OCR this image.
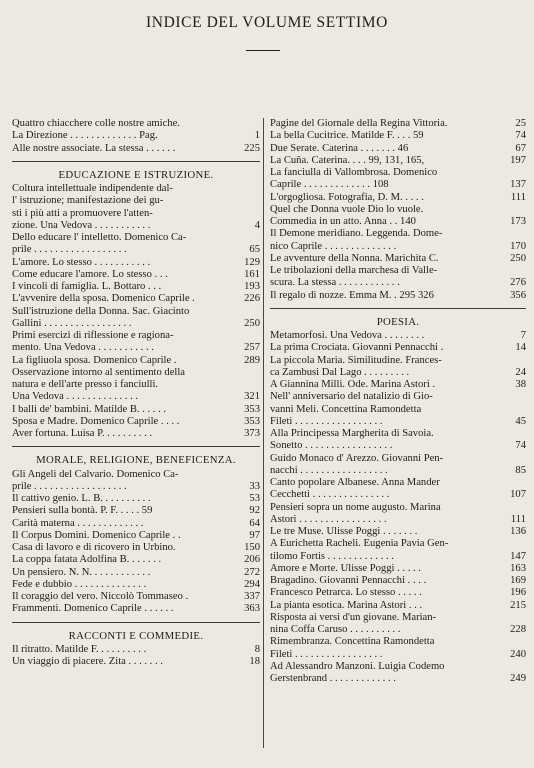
INDICE DEL VOLUME SETTIMO
Quattro chiacchere colle nostre amiche.
La Direzione . . . . . . . . . . . . . Pag.	1
Alle nostre associate. La stessa . . . . . .	225
EDUCAZIONE E ISTRUZIONE.
Coltura intellettuale indipendente dal-
l' istruzione; manifestazione dei gu-
sti i più atti a promuovere l'atten-
zione. Una Vedova . . . . . . . . . . .	4
Dello educare l' intelletto. Domenico Ca-
prile . . . . . . . . . . . . . . . . . .	65
L'amore. Lo stesso . . . . . . . . . . .	129
Come educare l'amore. Lo stesso . . .	161
I vincoli di famiglia. L. Bottaro . . .	193
L'avvenire della sposa. Domenico Caprile .	226
Sull'istruzione della Donna. Sac. Giacinto
Gallini . . . . . . . . . . . . . . . . .	250
Primi esercizi di riflessione e ragiona-
mento. Una Vedova . . . . . . . . . . .	257
La figliuola sposa. Domenico Caprile .	289
Osservazione intorno al sentimento della
natura e dell'arte presso i fanciulli.
Una Vedova . . . . . . . . . . . . . .	321
I balli de' bambini. Matilde B. . . . . .	353
Sposa e Madre. Domenico Caprile . . . .	353
Aver fortuna. Luisa P. . . . . . . . . .	373
MORALE, RELIGIONE, BENEFICENZA.
Gli Angeli del Calvario. Domenico Ca-
prile . . . . . . . . . . . . . . . . . .	33
Il cattivo genio. L. B. . . . . . . . . .	53
Pensieri sulla bontà. P. F. . . . . 59	92
Carità materna . . . . . . . . . . . . .	64
Il Corpus Domini. Domenico Caprile . .	97
Casa di lavoro e di ricovero in Urbino.	150
La coppa fatata Adolfina B. . . . . . .	206
Un pensiero. N. N. . . . . . . . . . . .	272
Fede e dubbio . . . . . . . . . . . . . .	294
Il coraggio del vero. Niccolò Tommaseo .	337
Frammenti. Domenico Caprile . . . . . .	363
RACCONTI E COMMEDIE.
Il ritratto. Matilde F. . . . . . . . . .	8
Un viaggio di piacere. Zita . . . . . . .	18
Pagine del Giornale della Regina Vittoria.	25
La bella Cucitrice. Matilde F. . . . 59	74
Due Serate. Caterina . . . . . . . 46	67
La Cuña. Caterina. . . . 99, 131, 165,	197
La fanciulla di Vallombrosa. Domenico
Caprile . . . . . . . . . . . . . 108	137
L'orgogliosa. Fotografia, D. M. . . . .	111
Quel che Donna vuole Dio lo vuole.
Commedia in un atto. Anna . . 140	173
Il Demone meridiano. Leggenda. Dome-
nico Caprile . . . . . . . . . . . . . .	170
Le avventure della Nonna. Marichita C.	250
Le tribolazioni della marchesa di Valle-
scura. La stessa . . . . . . . . . . . .	276
Il regalo di nozze. Emma M. . 295 326	356
POESIA.
Metamorfosi. Una Vedova . . . . . . . .	7
La prima Crociata. Giovanni Pennacchi .	14
La piccola Maria. Similitudine. Frances-
ca Zambusi Dal Lago . . . . . . . . .	24
A Giannina Milli. Ode. Marina Astori .	38
Nell' anniversario del natalizio di Gio-
vanni Meli. Concettina Ramondetta
Fileti . . . . . . . . . . . . . . . . .	45
Alla Principessa Margherita di Savoia.
Sonetto . . . . . . . . . . . . . . . . .	74
Guido Monaco d' Arezzo. Giovanni Pen-
nacchi . . . . . . . . . . . . . . . . .	85
Canto popolare Albanese. Anna Mander
Cecchetti . . . . . . . . . . . . . . .	107
Pensieri sopra un nome augusto. Marina
Astori . . . . . . . . . . . . . . . . .	111
Le tre Muse. Ulisse Poggi . . . . . . .	136
A Eurichetta Racheli. Eugenia Pavia Gen-
tilomo Fortis . . . . . . . . . . . . .	147
Amore e Morte. Ulisse Poggi . . . . .	163
Bragadino. Giovanni Pennacchi . . . .	169
Francesco Petrarca. Lo stesso . . . . .	196
La pianta esotica. Marina Astori . . .	215
Risposta ai versi d'un giovane. Marian-
nina Coffa Caruso . . . . . . . . . .	228
Rimembranza. Concettina Ramondetta
Fileti . . . . . . . . . . . . . . . . .	240
Ad Alessandro Manzoni. Luigia Codemo
Gerstenbrand . . . . . . . . . . . . .	249
